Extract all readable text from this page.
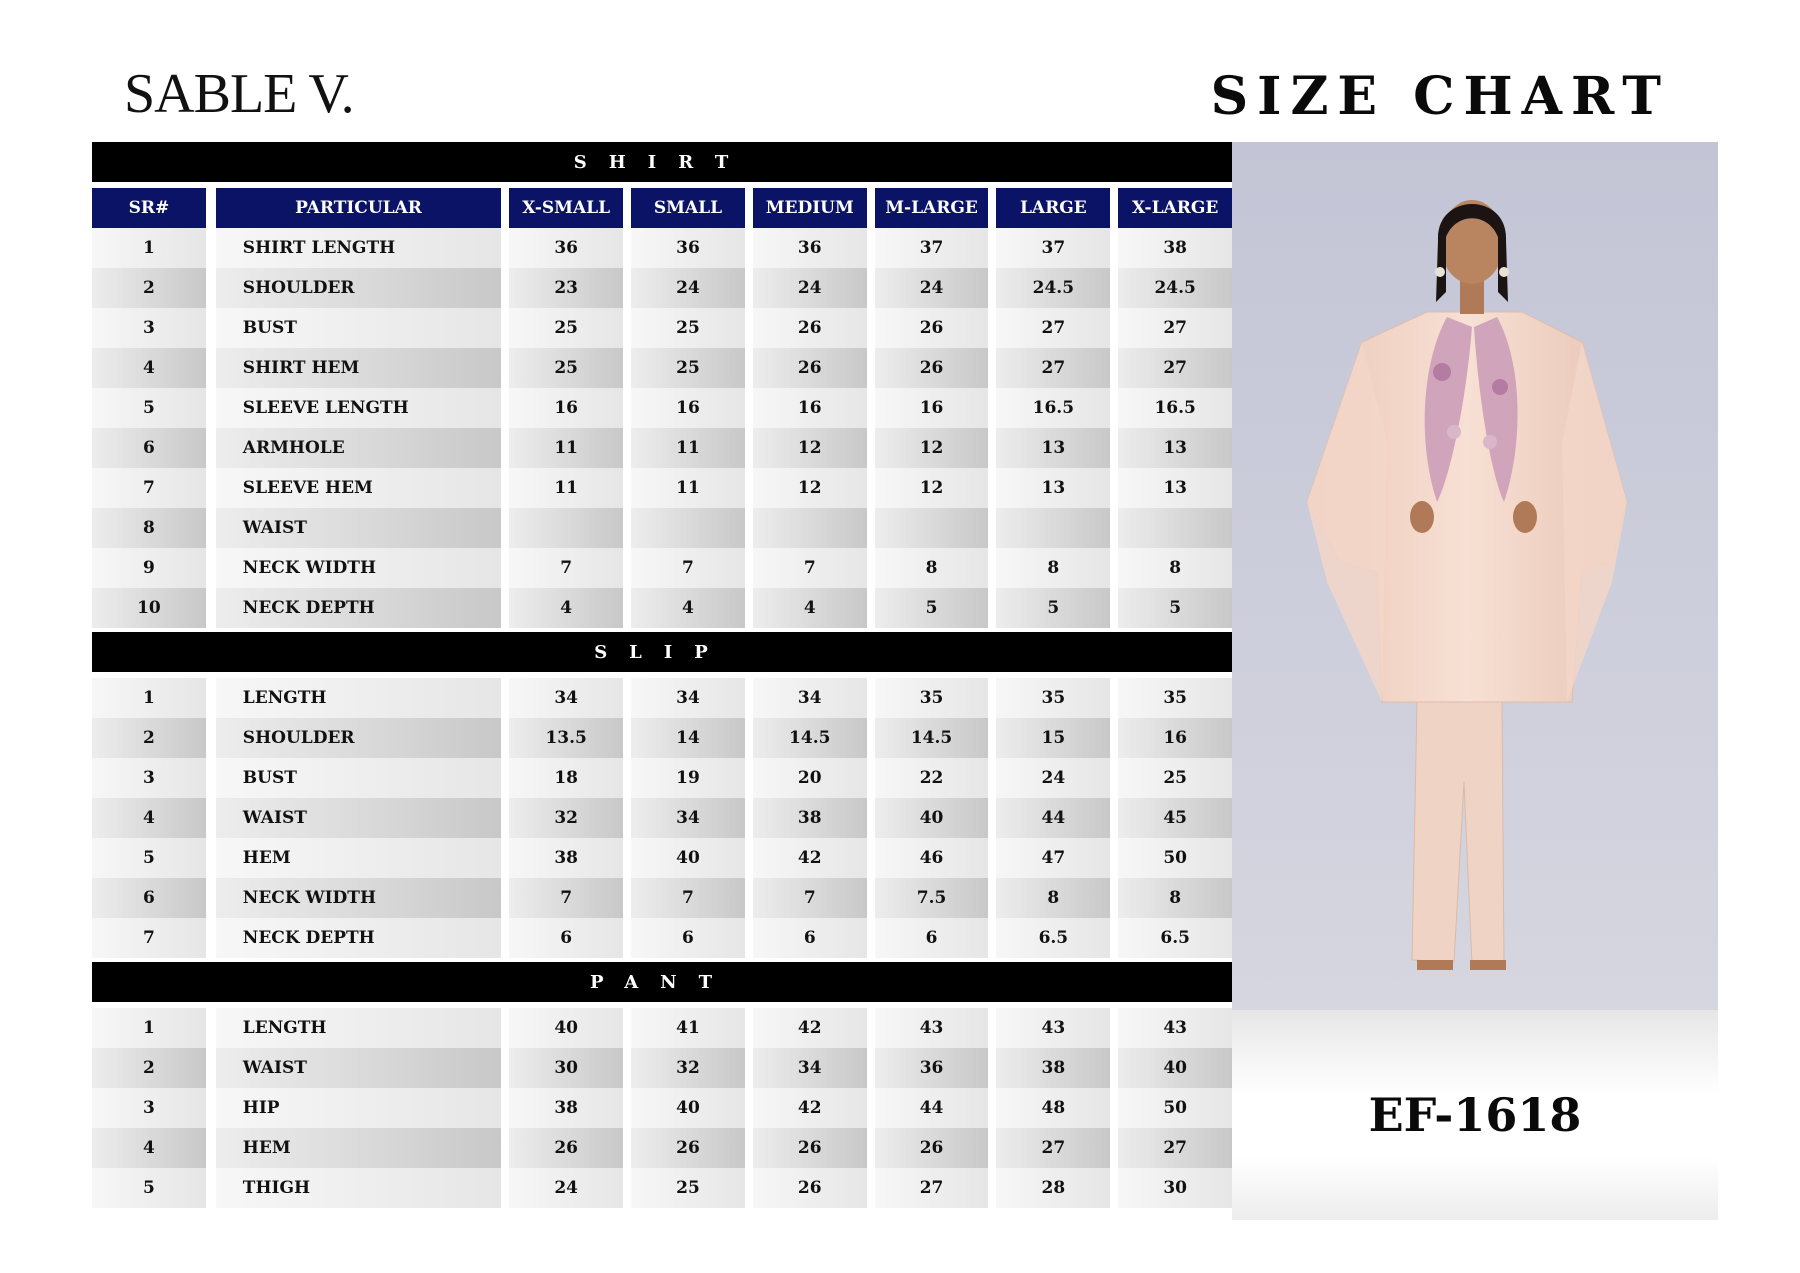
SABLE V.	SIZE CHART
SHIRT
SR#
1
2
3
4
5
6
7
8
9
10
PARTICULAR
SHIRT LENGTH
SHOULDER
BUST
SHIRT HEM
SLEEVE LENGTH
ARMHOLE
SLEEVE HEM
WAIST
NECK WIDTH
NECK DEPTH
X-SMALL
36
23
25
25
16
11
11
7
4
SMALL
36
24
25
25
16
11
11
7
4
MEDIUM
36
24
26
26
16
12
12
7
4
M-LARGE
37
24
26
26
16
12
12
8
5
LARGE
37
24.5
27
27
16.5
13
13
8
5
X-LARGE
38
24.5
27
27
16.5
13
13
8
5
SLIP
1
2
3
4
5
6
7
LENGTH
SHOULDER
BUST
WAIST
HEM
NECK WIDTH
NECK DEPTH
34
13.5
18
32
38
7
6
34
14
19
34
40
7
6
34
14.5
20
38
42
7
6
35
14.5
22
40
46
7.5
6
35
15
24
44
47
8
6.5
35
16
25
45
50
8
6.5
PANT
1
2
3
4
5
LENGTH
WAIST
HIP
HEM
THIGH
40
30
38
26
24
41
32
40
26
25
42
34
42
26
26
43
36
44
26
27
43
38
48
27
28
43
40
50
27
30
EF-1618
